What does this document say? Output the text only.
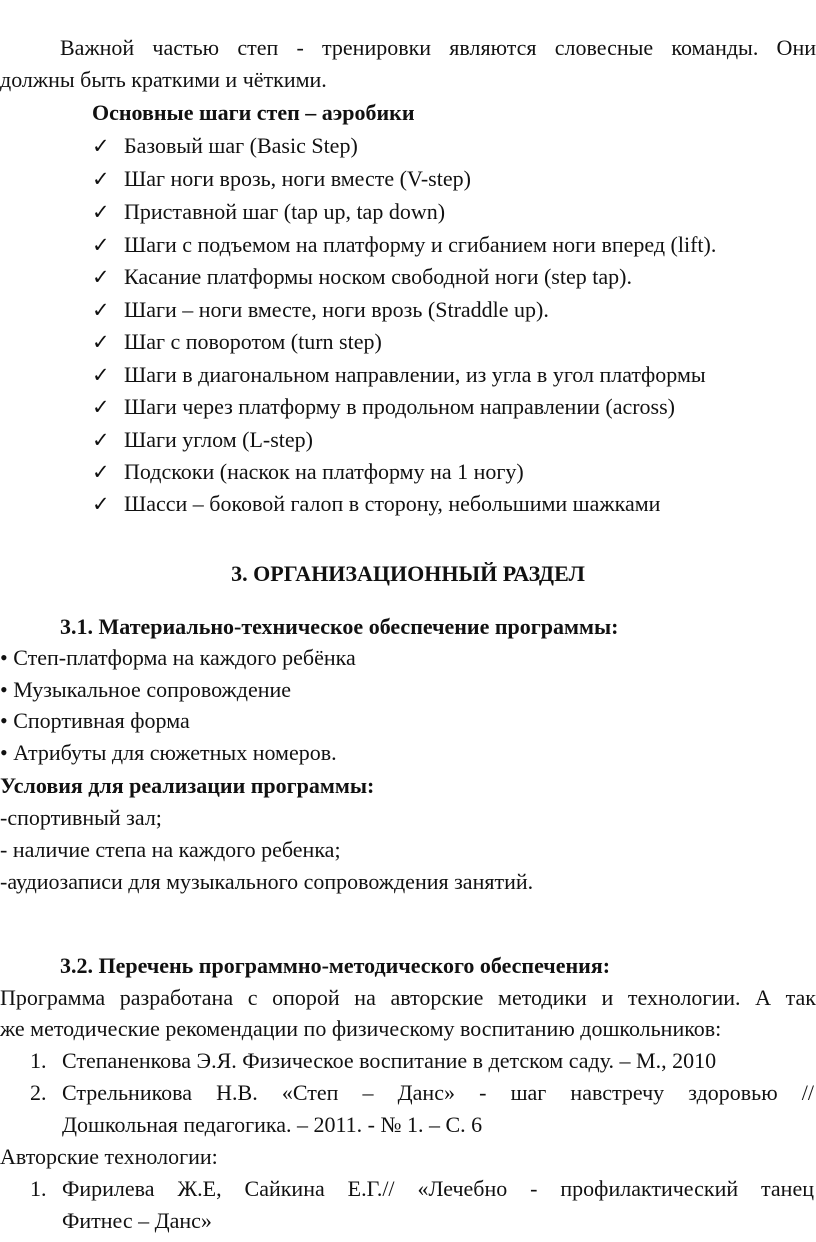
Важной частью степ - тренировки являются словесные команды. Они
должны быть краткими и чёткими.
Основные шаги степ – аэробики
✓ Базовый шаг (Basic Step)
✓ Шаг ноги врозь, ноги вместе (V-step)
✓ Приставной шаг (tap up, tap down)
✓ Шаги с подъемом на платформу и сгибанием ноги вперед (lift).
✓ Касание платформы носком свободной ноги (step tap).
✓ Шаги – ноги вместе, ноги врозь (Straddle up).
✓ Шаг с поворотом (turn step)
✓ Шаги в диагональном направлении, из угла в угол платформы
✓ Шаги через платформу в продольном направлении (across)
✓ Шаги углом (L-step)
✓ Подскоки (наскок на платформу на 1 ногу)
✓ Шасси – боковой галоп в сторону, небольшими шажками
3. ОРГАНИЗАЦИОННЫЙ РАЗДЕЛ
3.1. Материально-техническое обеспечение программы:
• Степ-платформа на каждого ребёнка
• Музыкальное сопровождение
• Спортивная форма
• Атрибуты для сюжетных номеров.
Условия для реализации программы:
-спортивный зал;
- наличие степа на каждого ребенка;
-аудиозаписи для музыкального сопровождения занятий.
3.2. Перечень программно-методического обеспечения:
Программа разработана с опорой на авторские методики и технологии. А так
же методические рекомендации по физическому воспитанию дошкольников:
1. Степаненкова Э.Я. Физическое воспитание в детском саду. – М., 2010
2. Стрельникова Н.В. «Степ – Данс» - шаг навстречу здоровью //
Дошкольная педагогика. – 2011. - № 1. – С. 6
Авторские технологии:
1. Фирилева Ж.Е, Сайкина Е.Г.// «Лечебно - профилактический танец
Фитнес – Данс»
